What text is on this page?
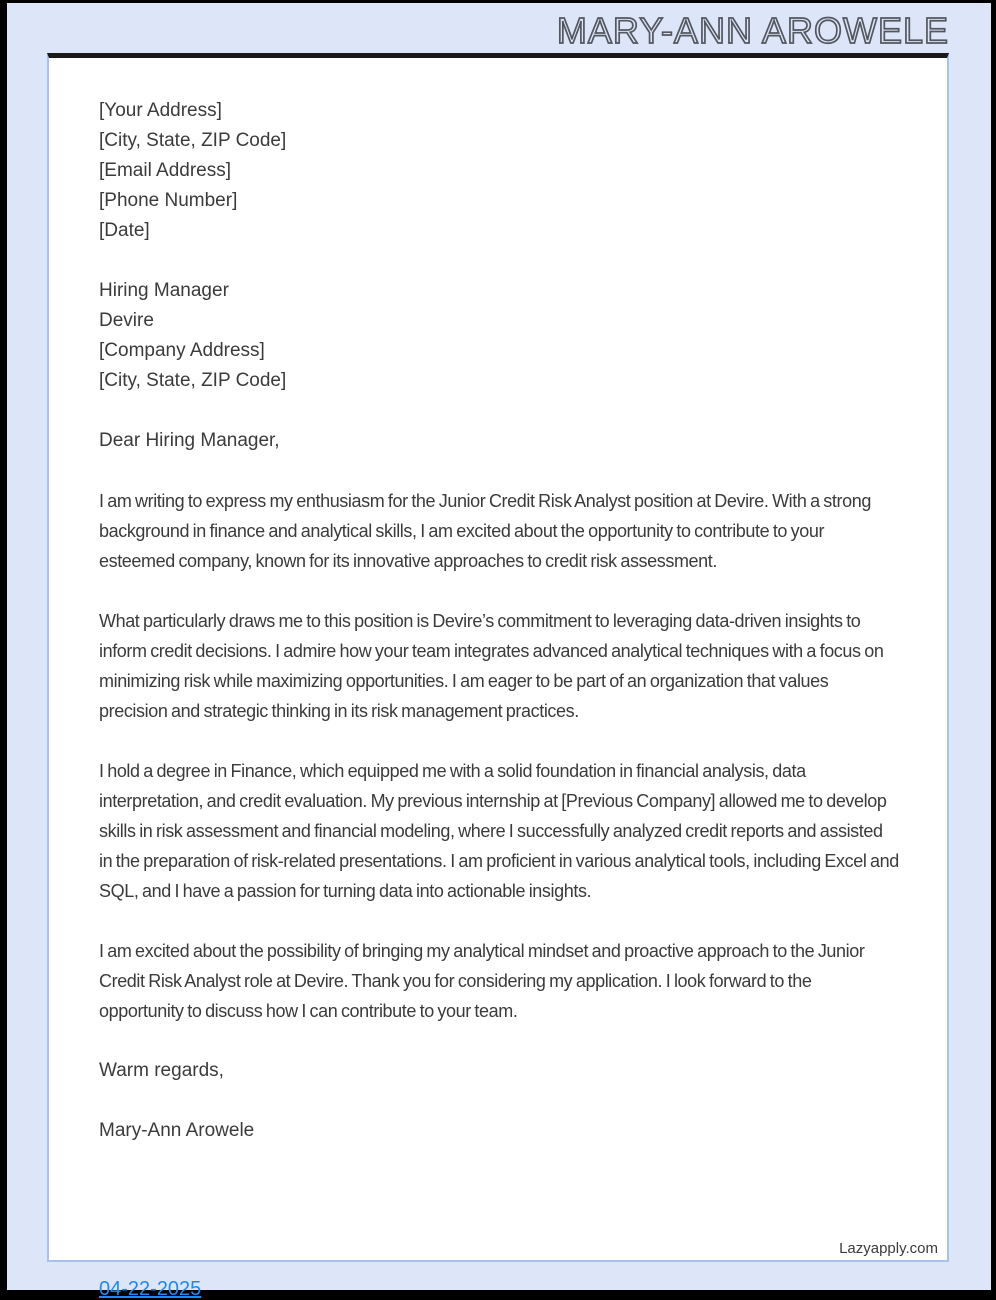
MARY-ANN AROWELE
[Your Address]
[City, State, ZIP Code]
[Email Address]
[Phone Number]
[Date]
Hiring Manager
Devire
[Company Address]
[City, State, ZIP Code]
Dear Hiring Manager,

I am writing to express my enthusiasm for the Junior Credit Risk Analyst position at Devire. With a strong background in finance and analytical skills, I am excited about the opportunity to contribute to your esteemed company, known for its innovative approaches to credit risk assessment.

What particularly draws me to this position is Devire’s commitment to leveraging data-driven insights to inform credit decisions. I admire how your team integrates advanced analytical techniques with a focus on minimizing risk while maximizing opportunities. I am eager to be part of an organization that values precision and strategic thinking in its risk management practices.

I hold a degree in Finance, which equipped me with a solid foundation in financial analysis, data interpretation, and credit evaluation. My previous internship at [Previous Company] allowed me to develop skills in risk assessment and financial modeling, where I successfully analyzed credit reports and assisted in the preparation of risk-related presentations. I am proficient in various analytical tools, including Excel and SQL, and I have a passion for turning data into actionable insights.

I am excited about the possibility of bringing my analytical mindset and proactive approach to the Junior Credit Risk Analyst role at Devire. Thank you for considering my application. I look forward to the opportunity to discuss how I can contribute to your team.

Warm regards,
Mary-Ann Arowele
Lazyapply.com
04-22-2025
